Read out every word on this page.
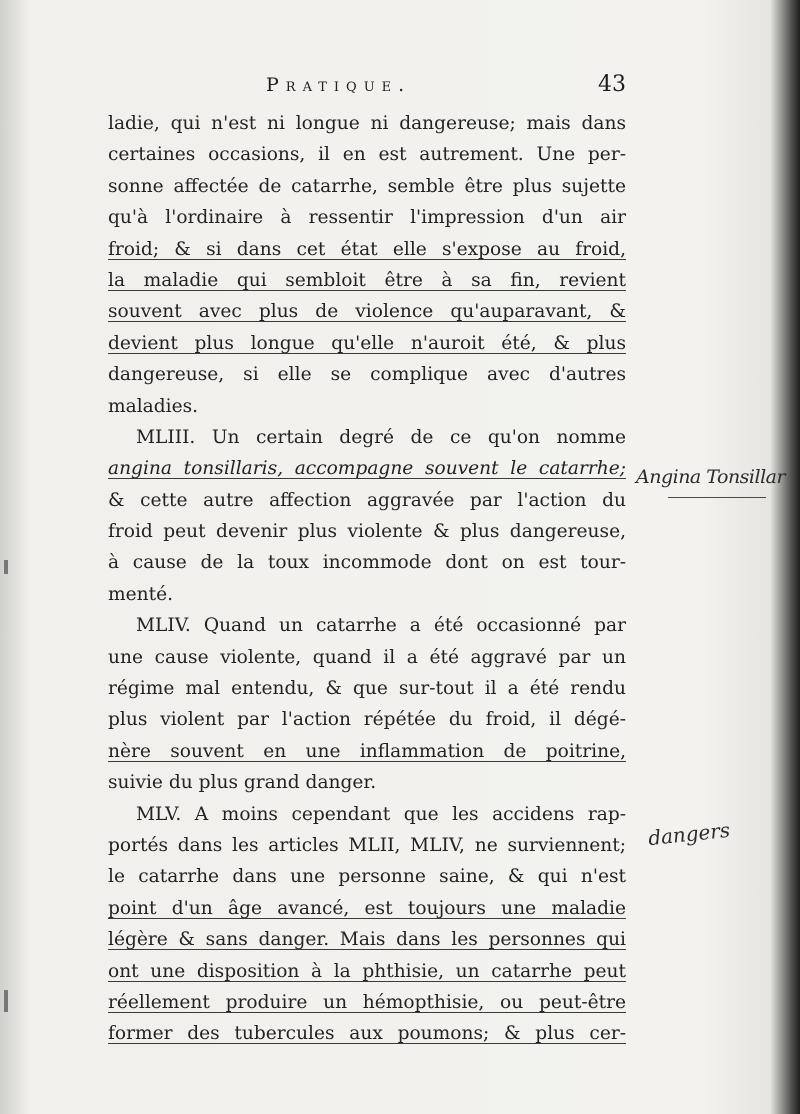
Pratique.	43
ladie, qui n'est ni longue ni dangereuse; mais dans
certaines occasions, il en est autrement. Une per-
sonne affectée de catarrhe, semble être plus sujette
qu'à l'ordinaire à ressentir l'impression d'un air
froid; & si dans cet état elle s'expose au froid,
la maladie qui sembloit être à sa fin, revient
souvent avec plus de violence qu'auparavant, &
devient plus longue qu'elle n'auroit été, & plus
dangereuse, si elle se complique avec d'autres
maladies.
MLIII. Un certain degré de ce qu'on nomme
angina tonsillaris, accompagne souvent le catarrhe;
& cette autre affection aggravée par l'action du
froid peut devenir plus violente & plus dangereuse,
à cause de la toux incommode dont on est tour-
menté.
MLIV. Quand un catarrhe a été occasionné par
une cause violente, quand il a été aggravé par un
régime mal entendu, & que sur-tout il a été rendu
plus violent par l'action répétée du froid, il dégé-
nère souvent en une inflammation de poitrine,
suivie du plus grand danger.
MLV. A moins cependant que les accidens rap-
portés dans les articles MLII, MLIV, ne surviennent;
le catarrhe dans une personne saine, & qui n'est
point d'un âge avancé, est toujours une maladie
légère & sans danger. Mais dans les personnes qui
ont une disposition à la phthisie, un catarrhe peut
réellement produire un hémopthisie, ou peut-être
former des tubercules aux poumons; & plus cer-
Angina Tonsillar
dangers
